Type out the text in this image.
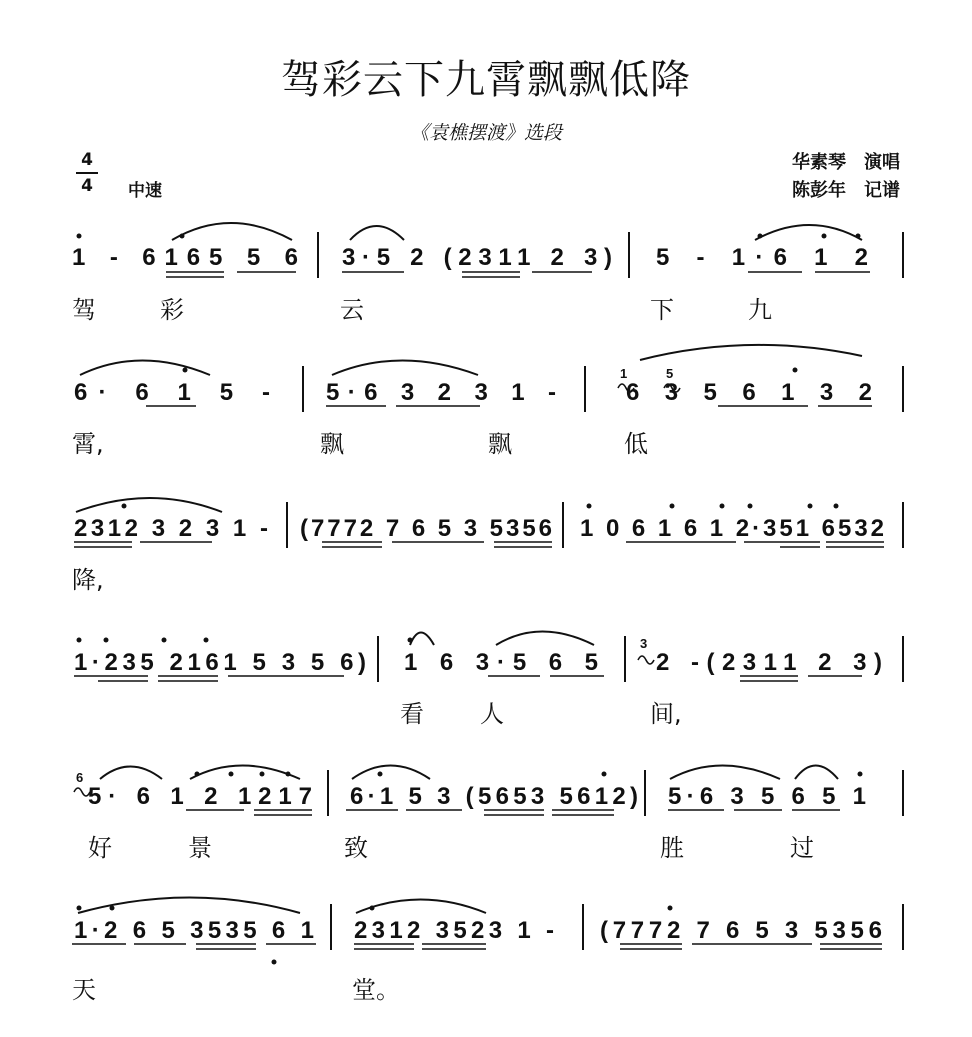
驾彩云下九霄飘飘低降
《袁樵摆渡》选段
华素琴　演唱
陈彭年　记谱
4
4 中速
1 - 6165 5 6 3·5 2 (2311 2 3) 5 - 1·6 1 2
6· 6 1 5 - 5·6 3 2 3 1 -	6 3 5 6 1 3 2
2312 3 2 3 1 - (7772 7 6 5 3 5356 1 0 6 1 6 1 2·351 6532
1·235 2161 5 3 5 6) 1 6 3·5 6 5 2 -(2311 2 3)
5· 6 1 2 1217 6·1 5 3 (5653 5612) 5·6 3 5 6 5 1
1·2 6 5 3535 6 1 2312 3523 1 - (7772 7 6 5 3 5356
1	5
3
6
驾	彩	云	下	九
霄,	飘	飘	低
降,
看 人	间,
好	景	致	胜	过
天	堂。
